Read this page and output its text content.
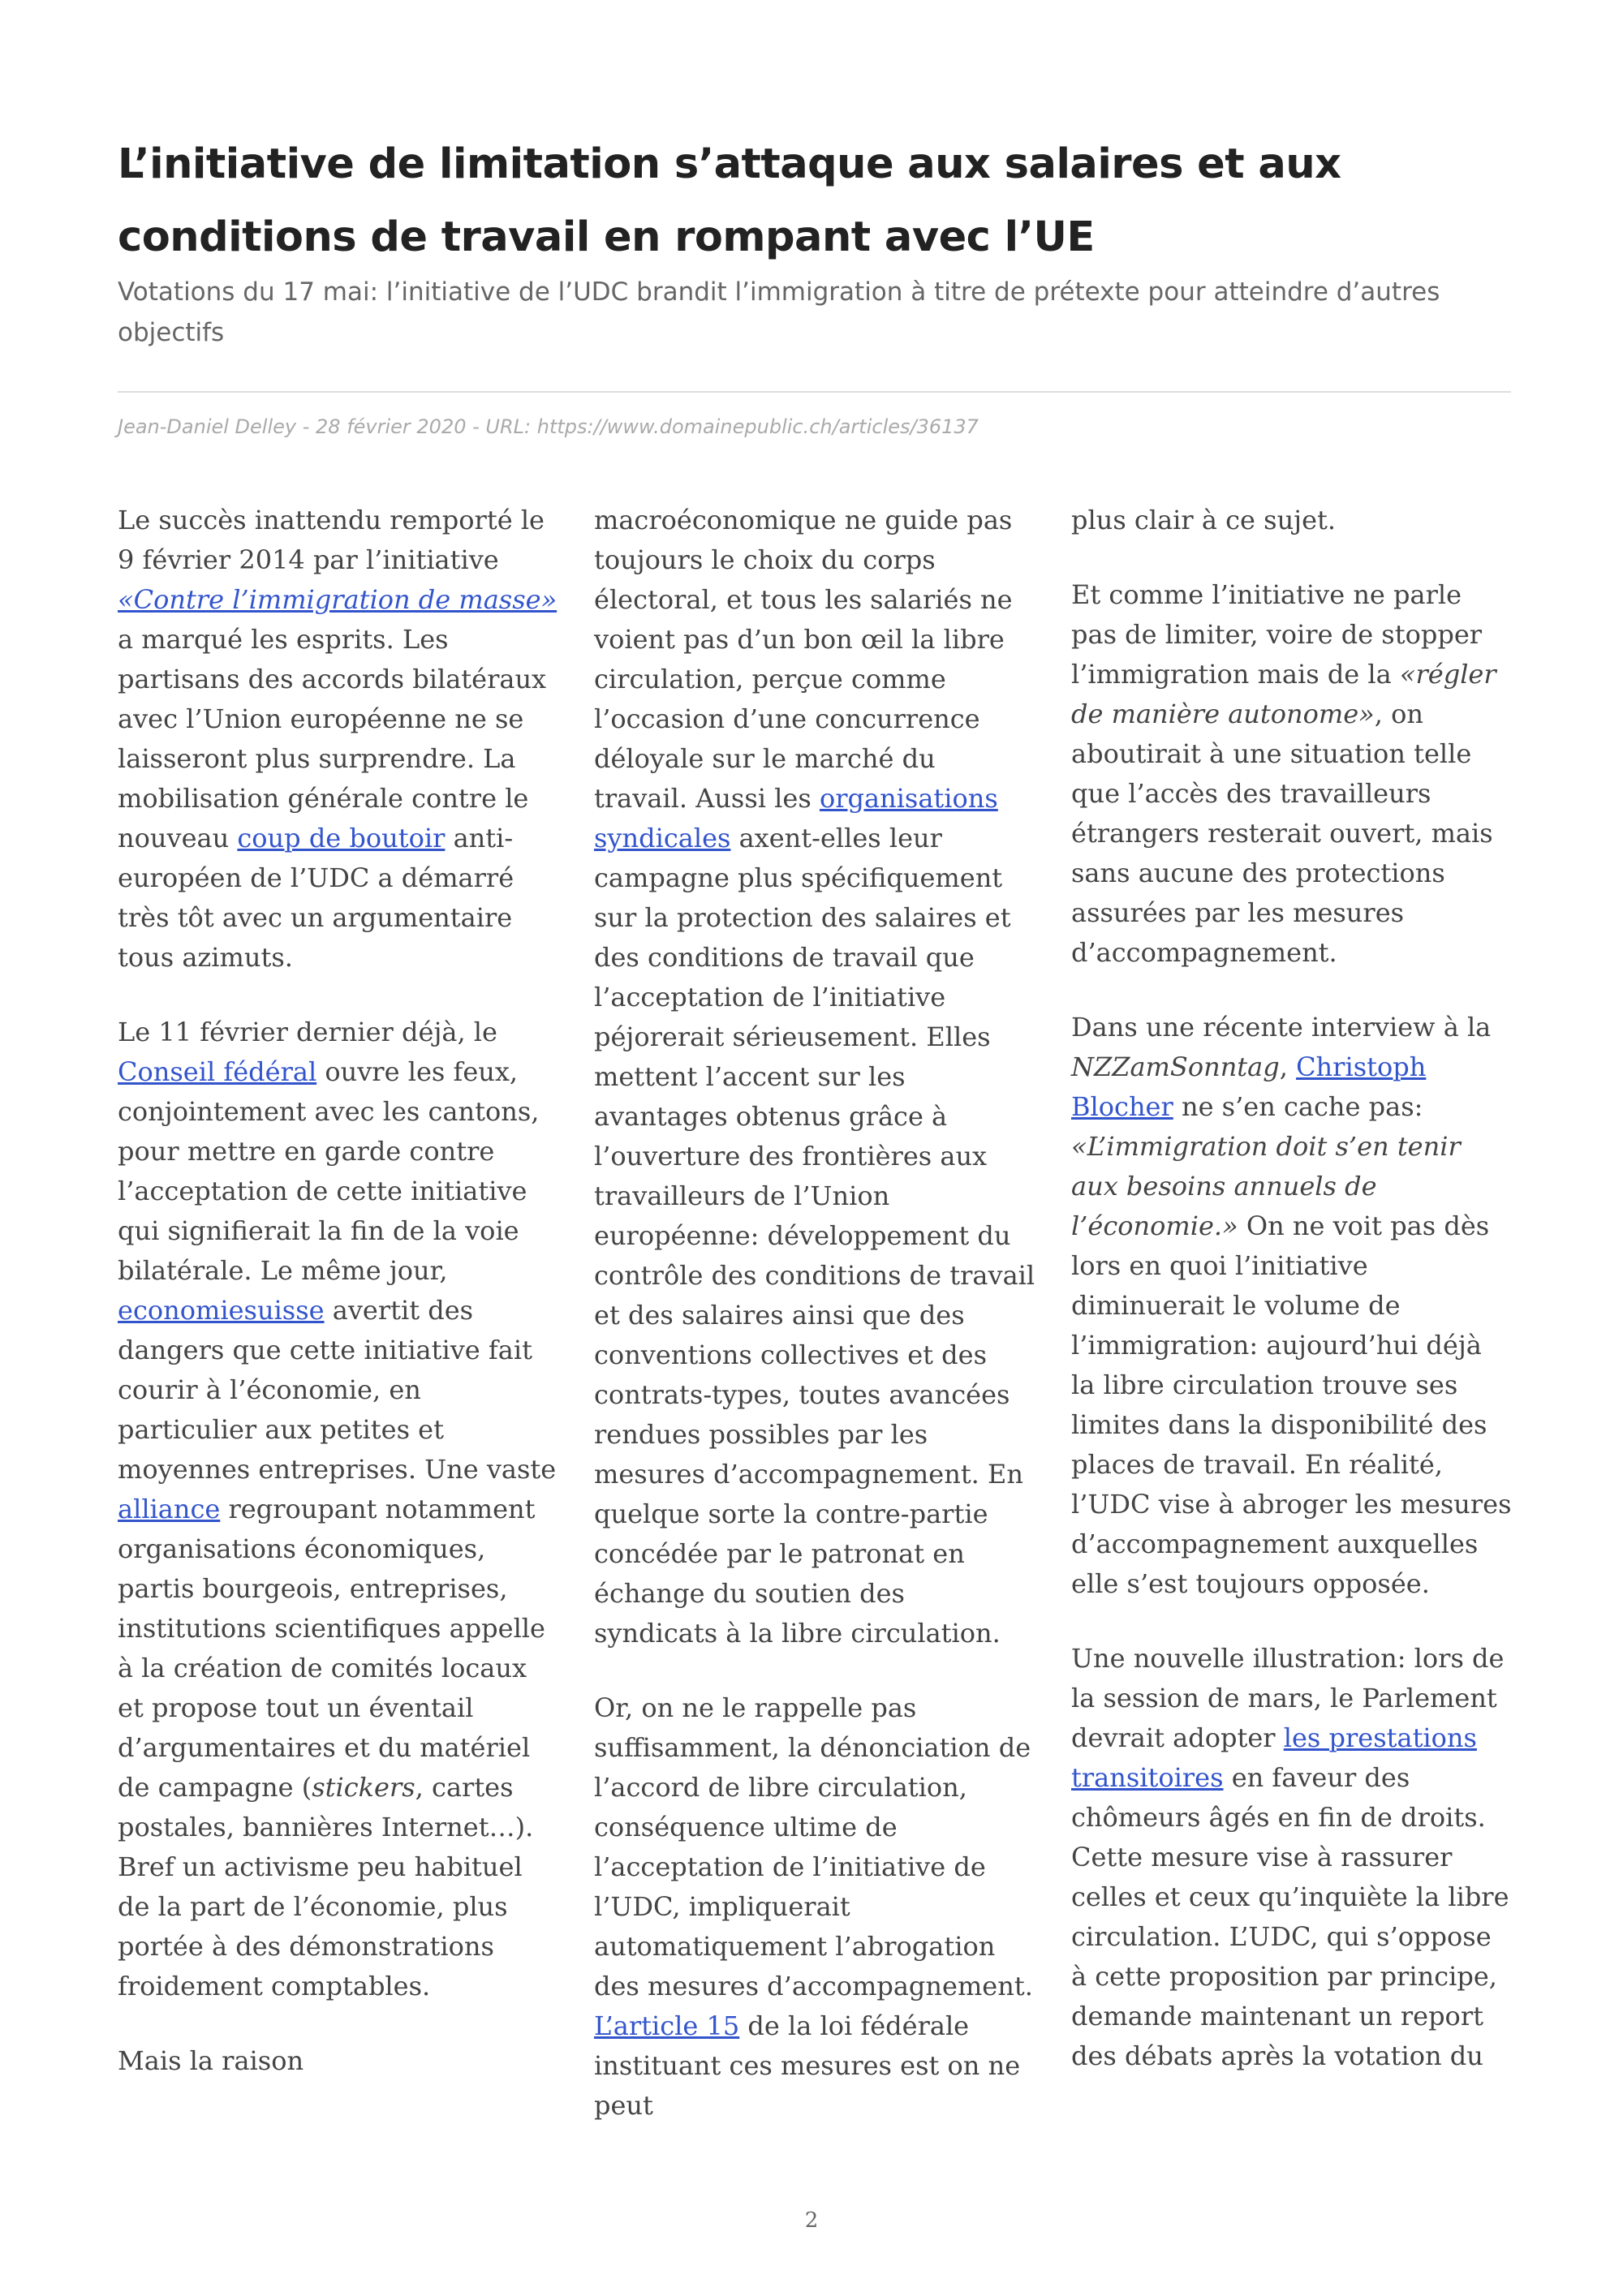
L’initiative de limitation s’attaque aux salaires et aux conditions de travail en rompant avec l’UE

Votations du 17 mai: l’initiative de l’UDC brandit l’immigration à titre de prétexte pour atteindre d’autres objectifs

Jean-Daniel Delley - 28 février 2020 - URL: https://www.domainepublic.ch/articles/36137

Le succès inattendu remporté le 9 février 2014 par l’initiative «Contre l’immigration de masse» a marqué les esprits. Les partisans des accords bilatéraux avec l’Union européenne ne se laisseront plus surprendre. La mobilisation générale contre le nouveau coup de boutoir anti-européen de l’UDC a démarré très tôt avec un argumentaire tous azimuts.

Le 11 février dernier déjà, le Conseil fédéral ouvre les feux, conjointement avec les cantons, pour mettre en garde contre l’acceptation de cette initiative qui signifierait la fin de la voie bilatérale. Le même jour, economiesuisse avertit des dangers que cette initiative fait courir à l’économie, en particulier aux petites et moyennes entreprises. Une vaste alliance regroupant notamment organisations économiques, partis bourgeois, entreprises, institutions scientifiques appelle à la création de comités locaux et propose tout un éventail d’argumentaires et du matériel de campagne (stickers, cartes postales, bannières Internet…). Bref un activisme peu habituel de la part de l’économie, plus portée à des démonstrations froidement comptables.

Mais la raison

macroéconomique ne guide pas toujours le choix du corps électoral, et tous les salariés ne voient pas d’un bon œil la libre circulation, perçue comme l’occasion d’une concurrence déloyale sur le marché du travail. Aussi les organisations syndicales axent-elles leur campagne plus spécifiquement sur la protection des salaires et des conditions de travail que l’acceptation de l’initiative péjorerait sérieusement. Elles mettent l’accent sur les avantages obtenus grâce à l’ouverture des frontières aux travailleurs de l’Union européenne: développement du contrôle des conditions de travail et des salaires ainsi que des conventions collectives et des contrats-types, toutes avancées rendues possibles par les mesures d’accompagnement. En quelque sorte la contre-partie concédée par le patronat en échange du soutien des syndicats à la libre circulation.

Or, on ne le rappelle pas suffisamment, la dénonciation de l’accord de libre circulation, conséquence ultime de l’acceptation de l’initiative de l’UDC, impliquerait automatiquement l’abrogation des mesures d’accompagnement. L’article 15 de la loi fédérale instituant ces mesures est on ne peut

plus clair à ce sujet.

Et comme l’initiative ne parle pas de limiter, voire de stopper l’immigration mais de la «régler de manière autonome», on aboutirait à une situation telle que l’accès des travailleurs étrangers resterait ouvert, mais sans aucune des protections assurées par les mesures d’accompagnement.

Dans une récente interview à la NZZamSonntag, Christoph Blocher ne s’en cache pas: «L’immigration doit s’en tenir aux besoins annuels de l’économie.» On ne voit pas dès lors en quoi l’initiative diminuerait le volume de l’immigration: aujourd’hui déjà la libre circulation trouve ses limites dans la disponibilité des places de travail. En réalité, l’UDC vise à abroger les mesures d’accompagnement auxquelles elle s’est toujours opposée.

Une nouvelle illustration: lors de la session de mars, le Parlement devrait adopter les prestations transitoires en faveur des chômeurs âgés en fin de droits. Cette mesure vise à rassurer celles et ceux qu’inquiète la libre circulation. L’UDC, qui s’oppose à cette proposition par principe, demande maintenant un report des débats après la votation du

2
